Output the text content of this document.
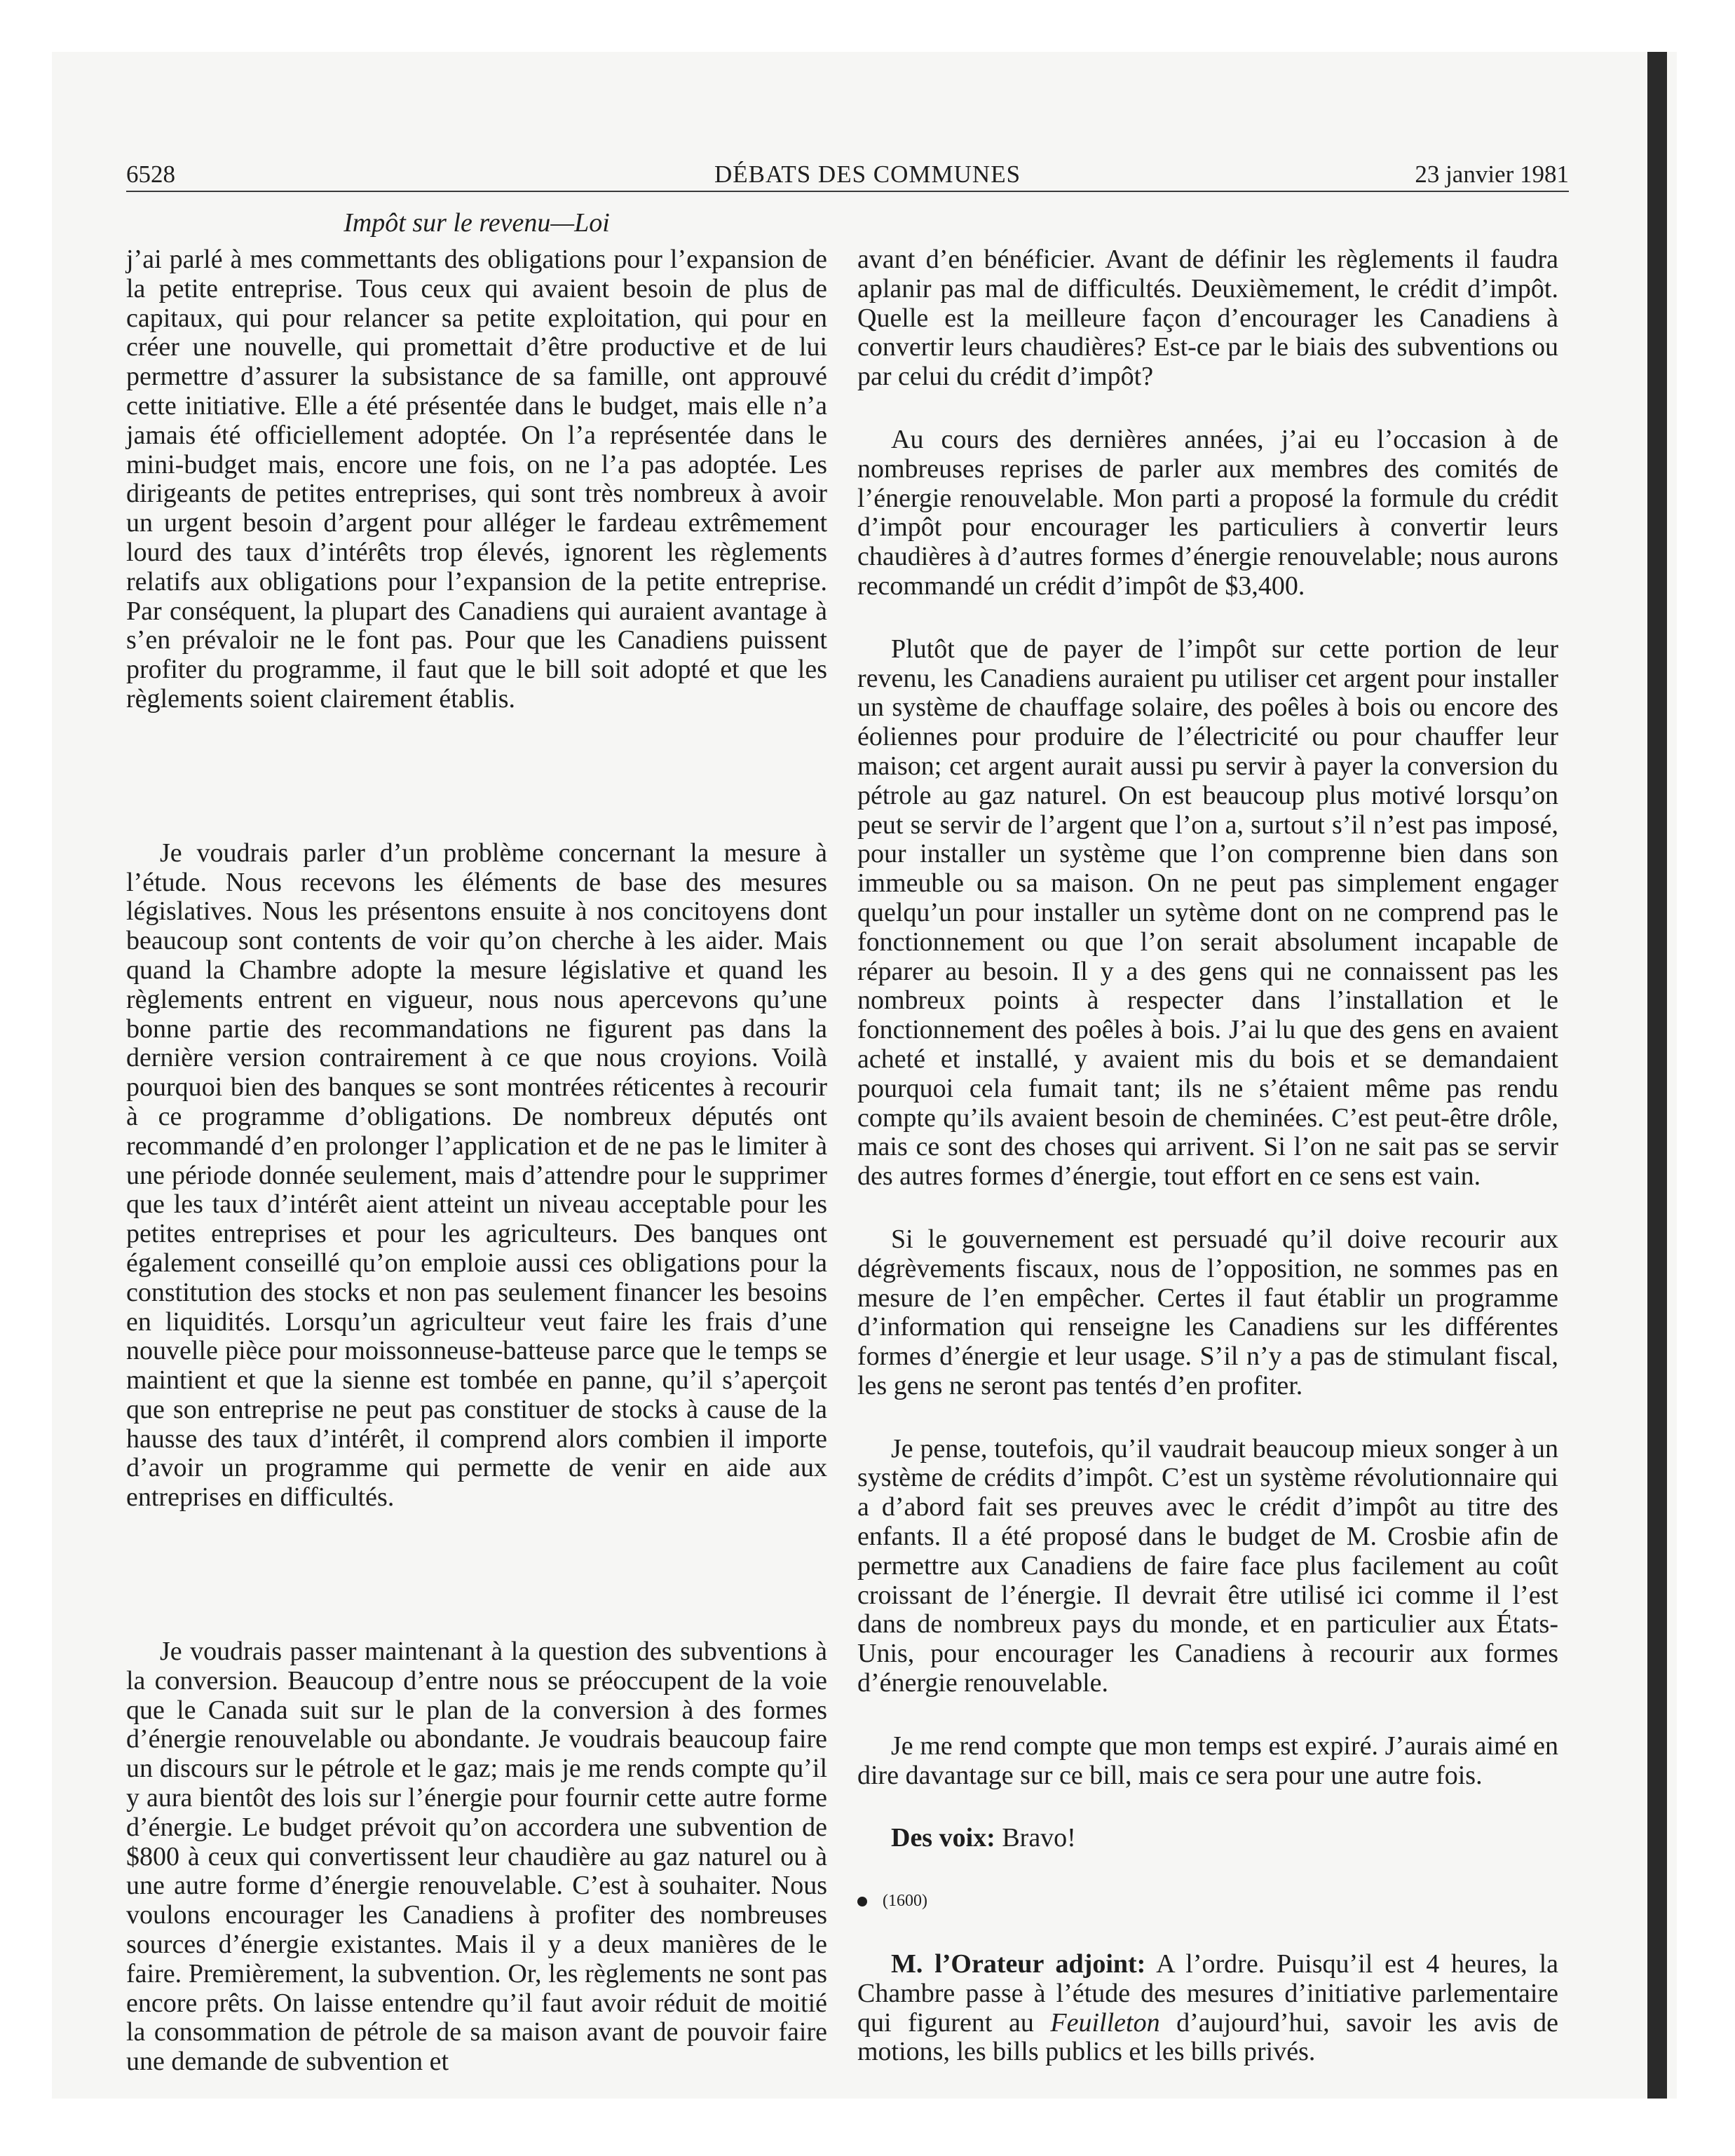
6528	DÉBATS DES COMMUNES	23 janvier 1981
Impôt sur le revenu—Loi

j’ai parlé à mes commettants des obligations pour l’expansion de la petite entreprise. Tous ceux qui avaient besoin de plus de capitaux, qui pour relancer sa petite exploitation, qui pour en créer une nouvelle, qui promettait d’être productive et de lui permettre d’assurer la subsistance de sa famille, ont approuvé cette initiative. Elle a été présentée dans le budget, mais elle n’a jamais été officiellement adoptée. On l’a représentée dans le mini-budget mais, encore une fois, on ne l’a pas adoptée. Les dirigeants de petites entreprises, qui sont très nombreux à avoir un urgent besoin d’argent pour alléger le fardeau extrêmement lourd des taux d’intérêts trop élevés, ignorent les règlements relatifs aux obligations pour l’expansion de la petite entreprise. Par conséquent, la plupart des Canadiens qui auraient avantage à s’en prévaloir ne le font pas. Pour que les Canadiens puissent profiter du programme, il faut que le bill soit adopté et que les règlements soient clairement établis.

Je voudrais parler d’un problème concernant la mesure à l’étude. Nous recevons les éléments de base des mesures législatives. Nous les présentons ensuite à nos concitoyens dont beaucoup sont contents de voir qu’on cherche à les aider. Mais quand la Chambre adopte la mesure législative et quand les règlements entrent en vigueur, nous nous apercevons qu’une bonne partie des recommandations ne figurent pas dans la dernière version contrairement à ce que nous croyions. Voilà pourquoi bien des banques se sont montrées réticentes à recourir à ce programme d’obligations. De nombreux députés ont recommandé d’en prolonger l’application et de ne pas le limiter à une période donnée seulement, mais d’attendre pour le supprimer que les taux d’intérêt aient atteint un niveau acceptable pour les petites entreprises et pour les agriculteurs. Des banques ont également conseillé qu’on emploie aussi ces obligations pour la constitution des stocks et non pas seulement financer les besoins en liquidités. Lorsqu’un agriculteur veut faire les frais d’une nouvelle pièce pour moissonneuse-batteuse parce que le temps se maintient et que la sienne est tombée en panne, qu’il s’aperçoit que son entreprise ne peut pas constituer de stocks à cause de la hausse des taux d’intérêt, il comprend alors combien il importe d’avoir un programme qui permette de venir en aide aux entreprises en difficultés.

Je voudrais passer maintenant à la question des subventions à la conversion. Beaucoup d’entre nous se préoccupent de la voie que le Canada suit sur le plan de la conversion à des formes d’énergie renouvelable ou abondante. Je voudrais beaucoup faire un discours sur le pétrole et le gaz; mais je me rends compte qu’il y aura bientôt des lois sur l’énergie pour fournir cette autre forme d’énergie. Le budget prévoit qu’on accordera une subvention de $800 à ceux qui convertissent leur chaudière au gaz naturel ou à une autre forme d’énergie renouvelable. C’est à souhaiter. Nous voulons encourager les Canadiens à profiter des nombreuses sources d’énergie existantes. Mais il y a deux manières de le faire. Premièrement, la subvention. Or, les règlements ne sont pas encore prêts. On laisse entendre qu’il faut avoir réduit de moitié la consommation de pétrole de sa maison avant de pouvoir faire une demande de subvention et

avant d’en bénéficier. Avant de définir les règlements il faudra aplanir pas mal de difficultés. Deuxièmement, le crédit d’impôt. Quelle est la meilleure façon d’encourager les Canadiens à convertir leurs chaudières? Est-ce par le biais des subventions ou par celui du crédit d’impôt?

Au cours des dernières années, j’ai eu l’occasion à de nombreuses reprises de parler aux membres des comités de l’énergie renouvelable. Mon parti a proposé la formule du crédit d’impôt pour encourager les particuliers à convertir leurs chaudières à d’autres formes d’énergie renouvelable; nous aurons recommandé un crédit d’impôt de $3,400.

Plutôt que de payer de l’impôt sur cette portion de leur revenu, les Canadiens auraient pu utiliser cet argent pour installer un système de chauffage solaire, des poêles à bois ou encore des éoliennes pour produire de l’électricité ou pour chauffer leur maison; cet argent aurait aussi pu servir à payer la conversion du pétrole au gaz naturel. On est beaucoup plus motivé lorsqu’on peut se servir de l’argent que l’on a, surtout s’il n’est pas imposé, pour installer un système que l’on comprenne bien dans son immeuble ou sa maison. On ne peut pas simplement engager quelqu’un pour installer un sytème dont on ne comprend pas le fonctionnement ou que l’on serait absolument incapable de réparer au besoin. Il y a des gens qui ne connaissent pas les nombreux points à respecter dans l’installation et le fonctionnement des poêles à bois. J’ai lu que des gens en avaient acheté et installé, y avaient mis du bois et se demandaient pourquoi cela fumait tant; ils ne s’étaient même pas rendu compte qu’ils avaient besoin de cheminées. C’est peut-être drôle, mais ce sont des choses qui arrivent. Si l’on ne sait pas se servir des autres formes d’énergie, tout effort en ce sens est vain.

Si le gouvernement est persuadé qu’il doive recourir aux dégrèvements fiscaux, nous de l’opposition, ne sommes pas en mesure de l’en empêcher. Certes il faut établir un programme d’information qui renseigne les Canadiens sur les différentes formes d’énergie et leur usage. S’il n’y a pas de stimulant fiscal, les gens ne seront pas tentés d’en profiter.

Je pense, toutefois, qu’il vaudrait beaucoup mieux songer à un système de crédits d’impôt. C’est un système révolutionnaire qui a d’abord fait ses preuves avec le crédit d’impôt au titre des enfants. Il a été proposé dans le budget de M. Crosbie afin de permettre aux Canadiens de faire face plus facilement au coût croissant de l’énergie. Il devrait être utilisé ici comme il l’est dans de nombreux pays du monde, et en particulier aux États-Unis, pour encourager les Canadiens à recourir aux formes d’énergie renouvelable.

Je me rend compte que mon temps est expiré. J’aurais aimé en dire davantage sur ce bill, mais ce sera pour une autre fois.

Des voix: Bravo!

(1600)

M. l’Orateur adjoint: A l’ordre. Puisqu’il est 4 heures, la Chambre passe à l’étude des mesures d’initiative parlementaire qui figurent au Feuilleton d’aujourd’hui, savoir les avis de motions, les bills publics et les bills privés.
